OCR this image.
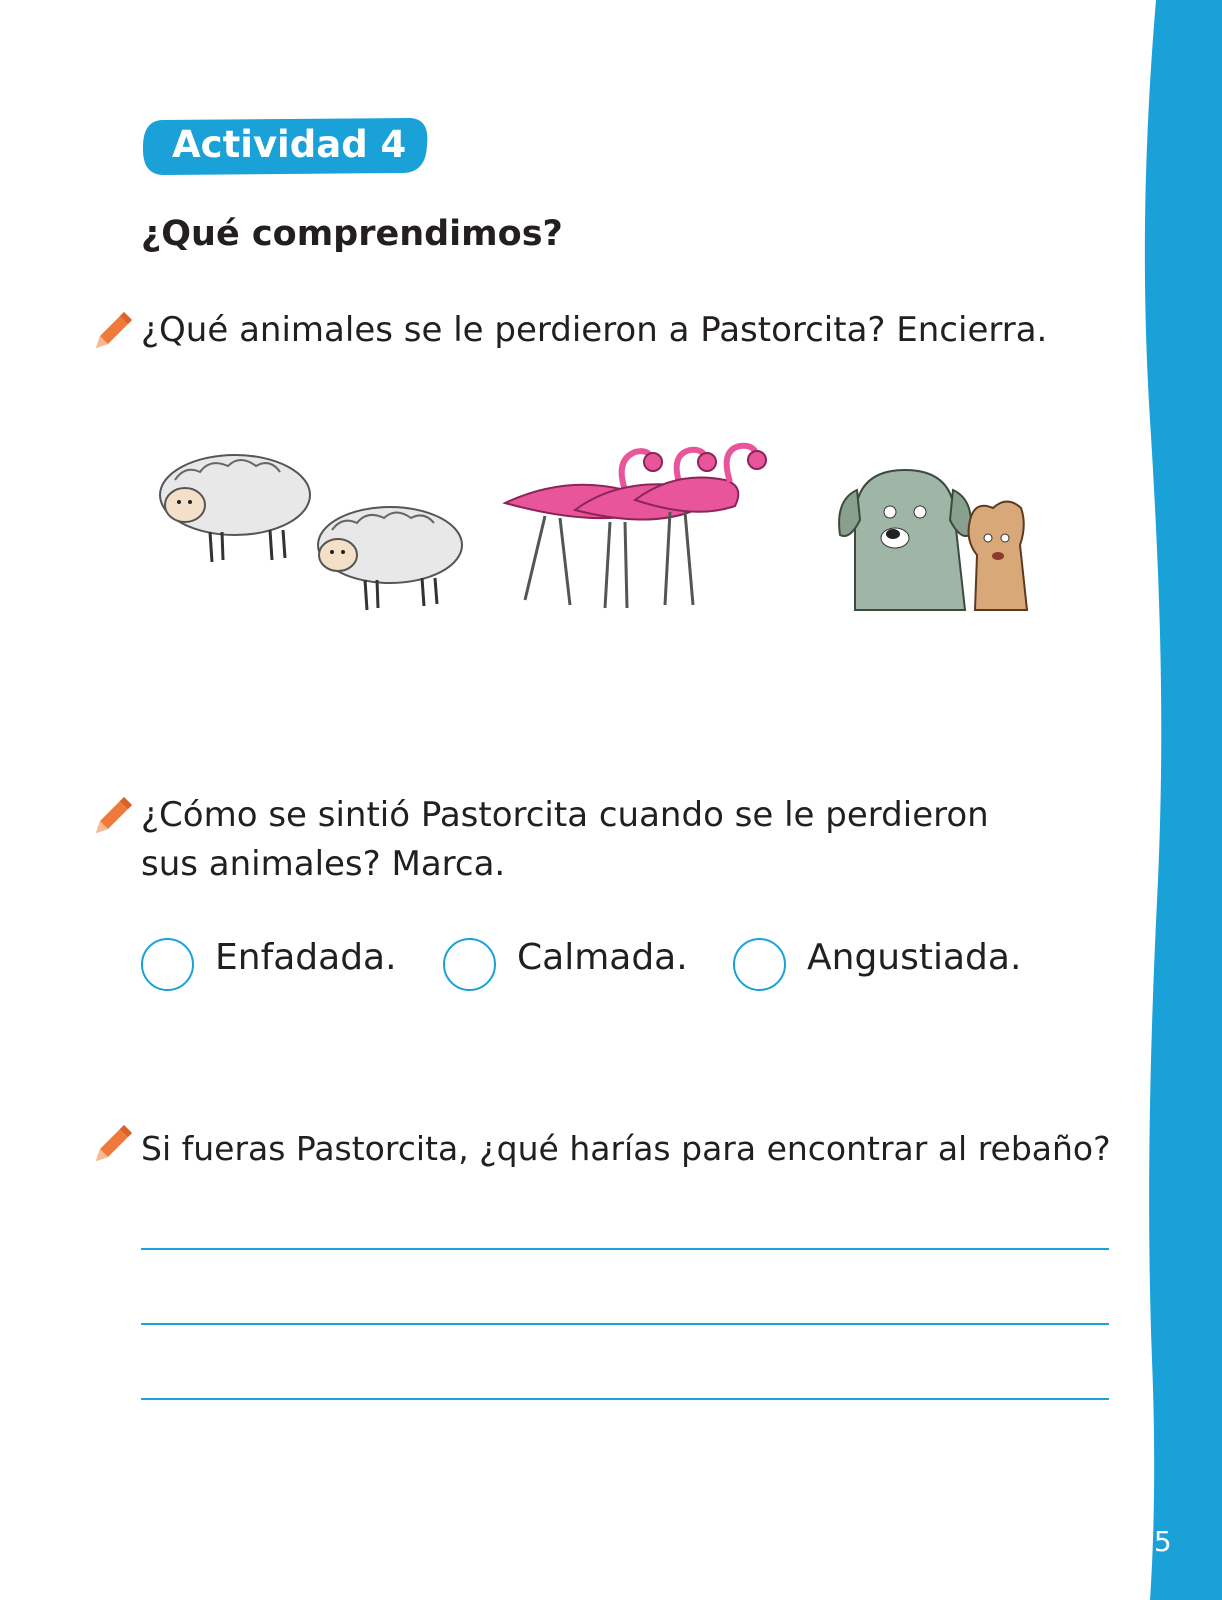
35
Actividad 4
¿Qué comprendimos?
¿Qué animales se le perdieron a Pastorcita? Encierra.
¿Cómo se sintió Pastorcita cuando se le perdieron
sus animales? Marca.
Enfadada.	Calmada.	Angustiada.
Si fueras Pastorcita, ¿qué harías para encontrar al rebaño?
